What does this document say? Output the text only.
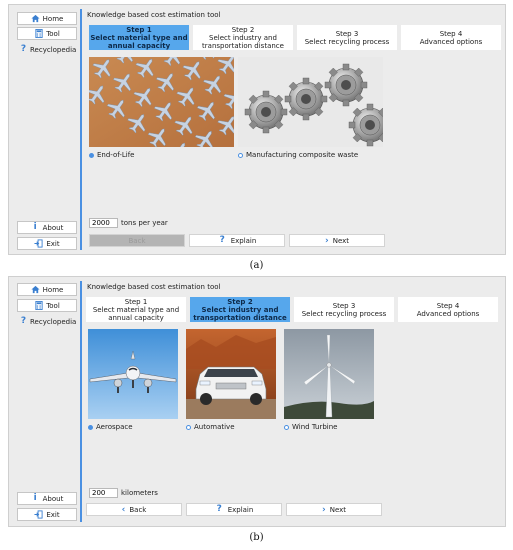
Home
Tool
? Recyclopedia
i About
Exit
Knowledge based cost estimation tool
Step 1
Select material type and
annual capacity
Step 2
Select industry and
transportation distance
Step 3
Select recycling process
Step 4
Advanced options
End-of-Life	Manufacturing composite waste
2000
tons per year
Back	? Explain	› Next
(a)
Home
Tool
? Recyclopedia
i About
Exit
Knowledge based cost estimation tool
Step 1
Select material type and
annual capacity
Step 2
Select industry and
transportation distance
Step 3
Select recycling process
Step 4
Advanced options
Aerospace	Automative	Wind Turbine
200
kilometers
‹ Back	? Explain	› Next
(b)
